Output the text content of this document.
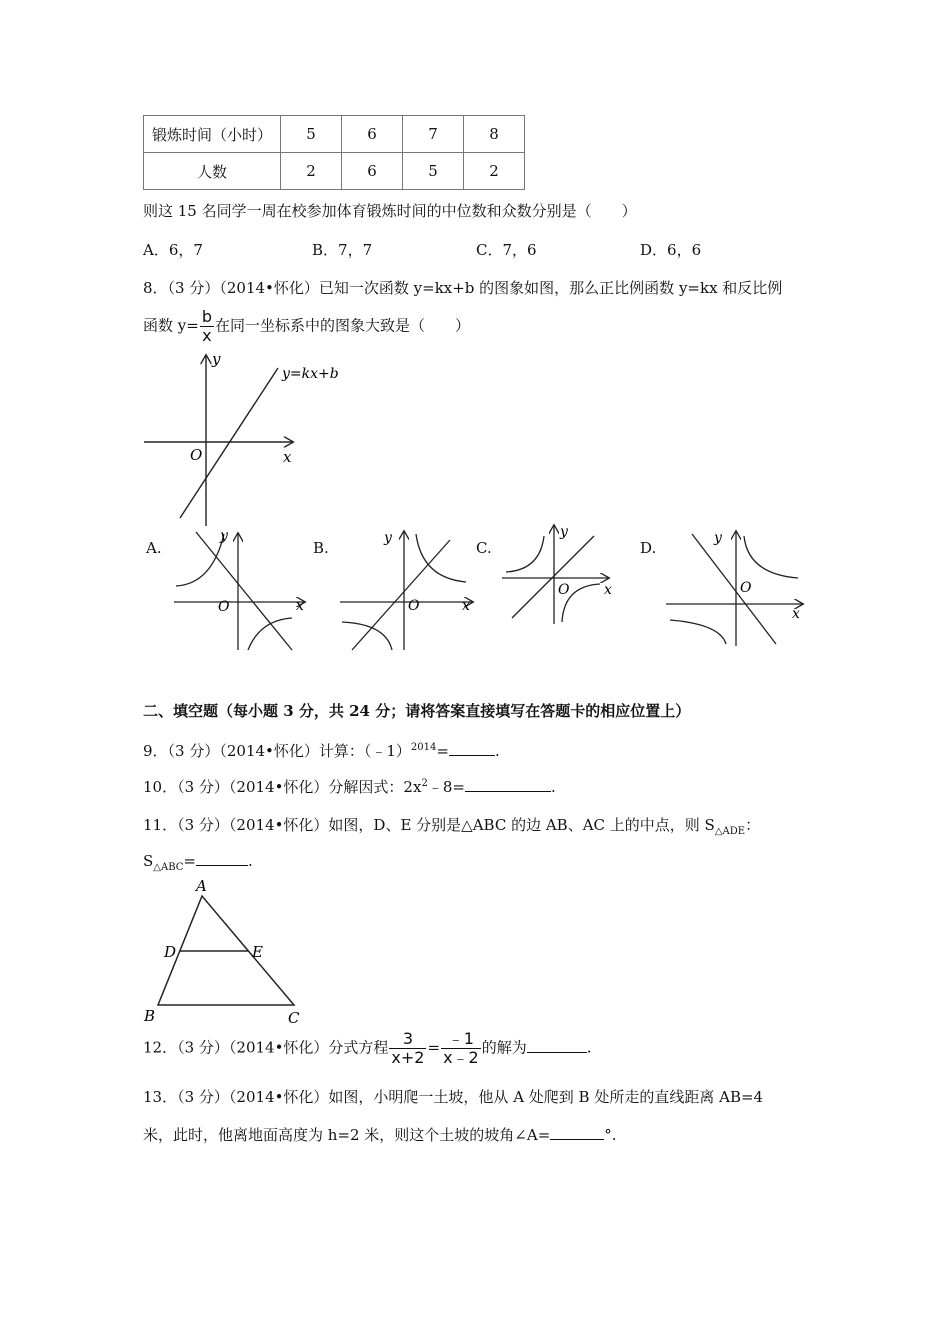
锻炼时间（小时）	5	6	7	8
人数	2	6	5	2
则这 15 名同学一周在校参加体育锻炼时间的中位数和众数分别是（　　）
A．6，7	B．7，7	C．7，6	D．6，6
8．（3 分）（2014•怀化）已知一次函数 y=kx+b 的图象如图，那么正比例函数 y=kx 和反比例
函数 $y= \frac{b}{x}$ 在同一坐标系中的图象大致是（　　）
y
x
O
y=kx+b
A.
y
x
O
B.
y
x
O
C.
y
x
O
D.
y
x
O
二、填空题（每小题 3 分，共 24 分；请将答案直接填写在答题卡的相应位置上）
9．（3 分）（2014•怀化）计算：（﹣1）$^{2014}$=	.
10．（3 分）（2014•怀化）分解因式：$2x^2﹣8=$	.
11．（3 分）（2014•怀化）如图，D、E 分别是△ABC 的边 AB、AC 上的中点，则 $S_{\triangle ADE}$：
$S_{\triangle ABC}=$	.
A
B	C
D	E
12．（3 分）（2014•怀化）分式方程 $\frac{3}{x+2} = \frac{﹣1}{x﹣2}$ 的解为	.
13．（3 分）（2014•怀化）如图，小明爬一土坡，他从 A 处爬到 B 处所走的直线距离 AB=4
米，此时，他离地面高度为 h=2 米，则这个土坡的坡角∠A=	°.
